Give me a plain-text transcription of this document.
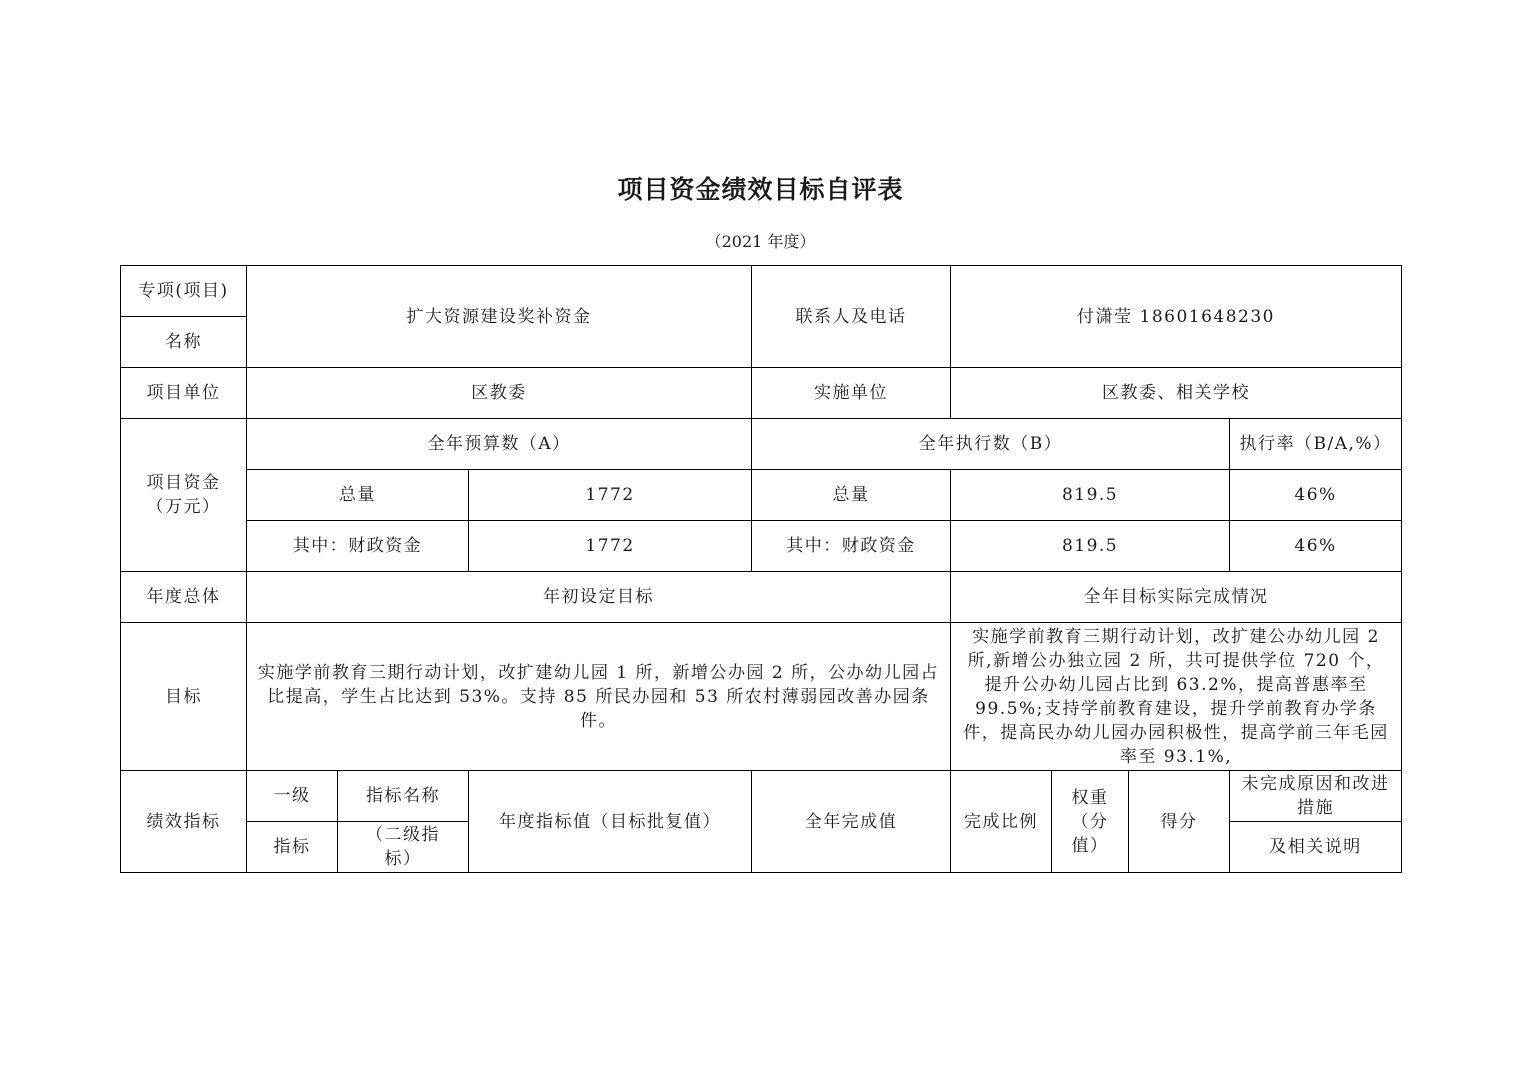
项目资金绩效目标自评表
（2021 年度）
专项(项目)	扩大资源建设奖补资金			联系人及电话	付潇莹 18601648230			
名称								
项目单位	区教委			实施单位	区教委、相关学校			
项目资金（万元）	全年预算数（A）			全年执行数（B）				执行率（B/A,%）
	总量		1772	总量	819.5			46%
	其中：财政资金		1772	其中：财政资金	819.5			46%
年度总体	年初设定目标				全年目标实际完成情况			
目标	实施学前教育三期行动计划，改扩建幼儿园 1 所，新增公办园 2 所，公办幼儿园占比提高，学生占比达到 53%。支持 85 所民办园和 53 所农村薄弱园改善办园条件。				实施学前教育三期行动计划，改扩建公办幼儿园 2 所,新增公办独立园 2 所，共可提供学位 720 个，提升公办幼儿园占比到 63.2%，提高普惠率至 99.5%;支持学前教育建设，提升学前教育办学条件，提高民办幼儿园办园积极性，提高学前三年毛园率至 93.1%,			
绩效指标	一级	指标名称	年度指标值（目标批复值）	全年完成值	完成比例	权重（分值）	得分	未完成原因和改进措施
	指标	（二级指标）						及相关说明
